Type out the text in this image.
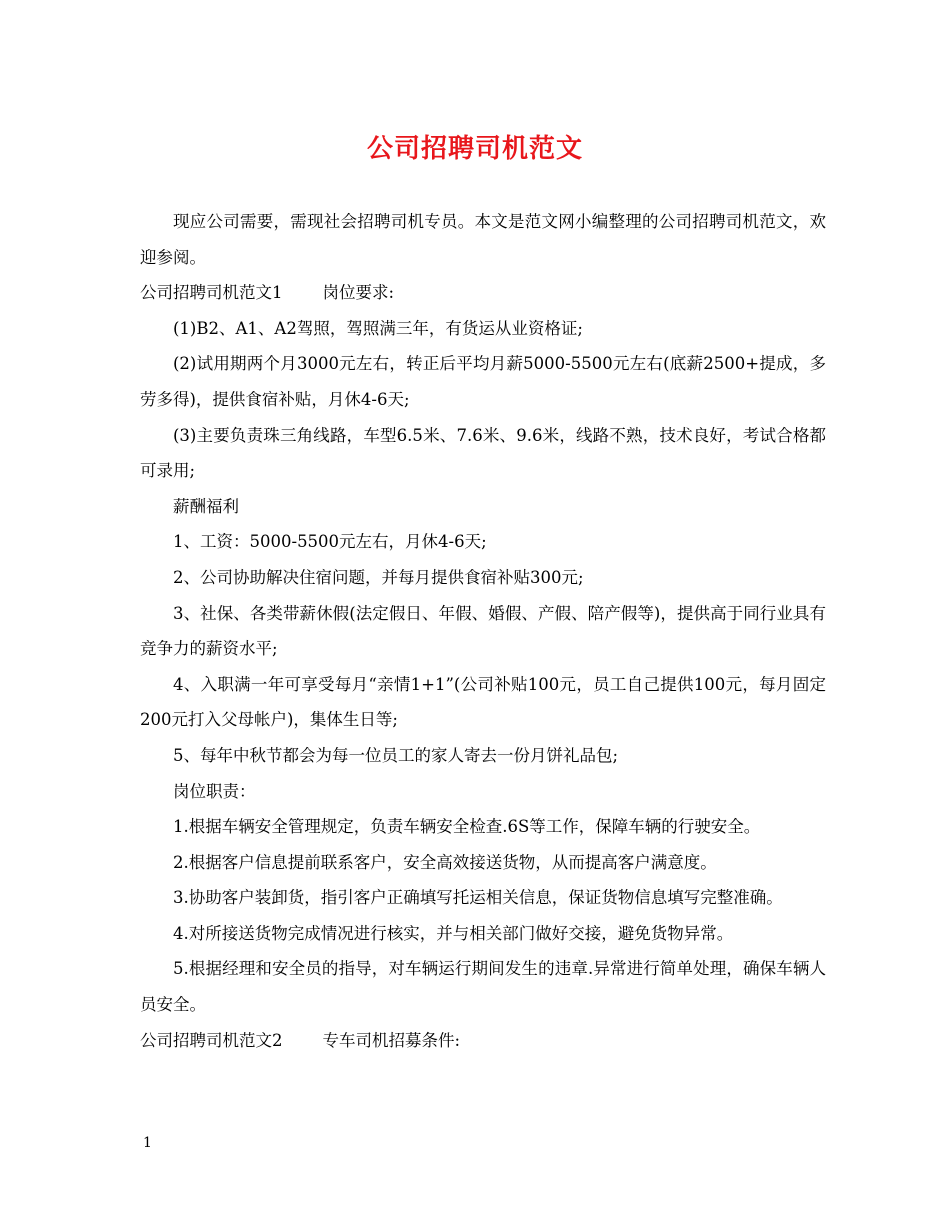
公司招聘司机范文

现应公司需要，需现社会招聘司机专员。本文是范文网小编整理的公司招聘司机范文，欢迎参阅。

公司招聘司机范文1 岗位要求:

(1)B2、A1、A2驾照，驾照满三年，有货运从业资格证;

(2)试用期两个月3000元左右，转正后平均月薪5000-5500元左右(底薪2500+提成，多劳多得)，提供食宿补贴，月休4-6天;

(3)主要负责珠三角线路，车型6.5米、7.6米、9.6米，线路不熟，技术良好，考试合格都可录用;

薪酬福利

1、工资：5000-5500元左右，月休4-6天;

2、公司协助解决住宿问题，并每月提供食宿补贴300元;

3、社保、各类带薪休假(法定假日、年假、婚假、产假、陪产假等)，提供高于同行业具有竞争力的薪资水平;

4、入职满一年可享受每月“亲情1+1”(公司补贴100元，员工自己提供100元，每月固定200元打入父母帐户)，集体生日等;

5、每年中秋节都会为每一位员工的家人寄去一份月饼礼品包;

岗位职责：

1.根据车辆安全管理规定，负责车辆安全检查.6S等工作，保障车辆的行驶安全。

2.根据客户信息提前联系客户，安全高效接送货物，从而提高客户满意度。

3.协助客户装卸货，指引客户正确填写托运相关信息，保证货物信息填写完整准确。

4.对所接送货物完成情况进行核实，并与相关部门做好交接，避免货物异常。

5.根据经理和安全员的指导，对车辆运行期间发生的违章.异常进行简单处理，确保车辆人员安全。

公司招聘司机范文2 专车司机招募条件:

1
